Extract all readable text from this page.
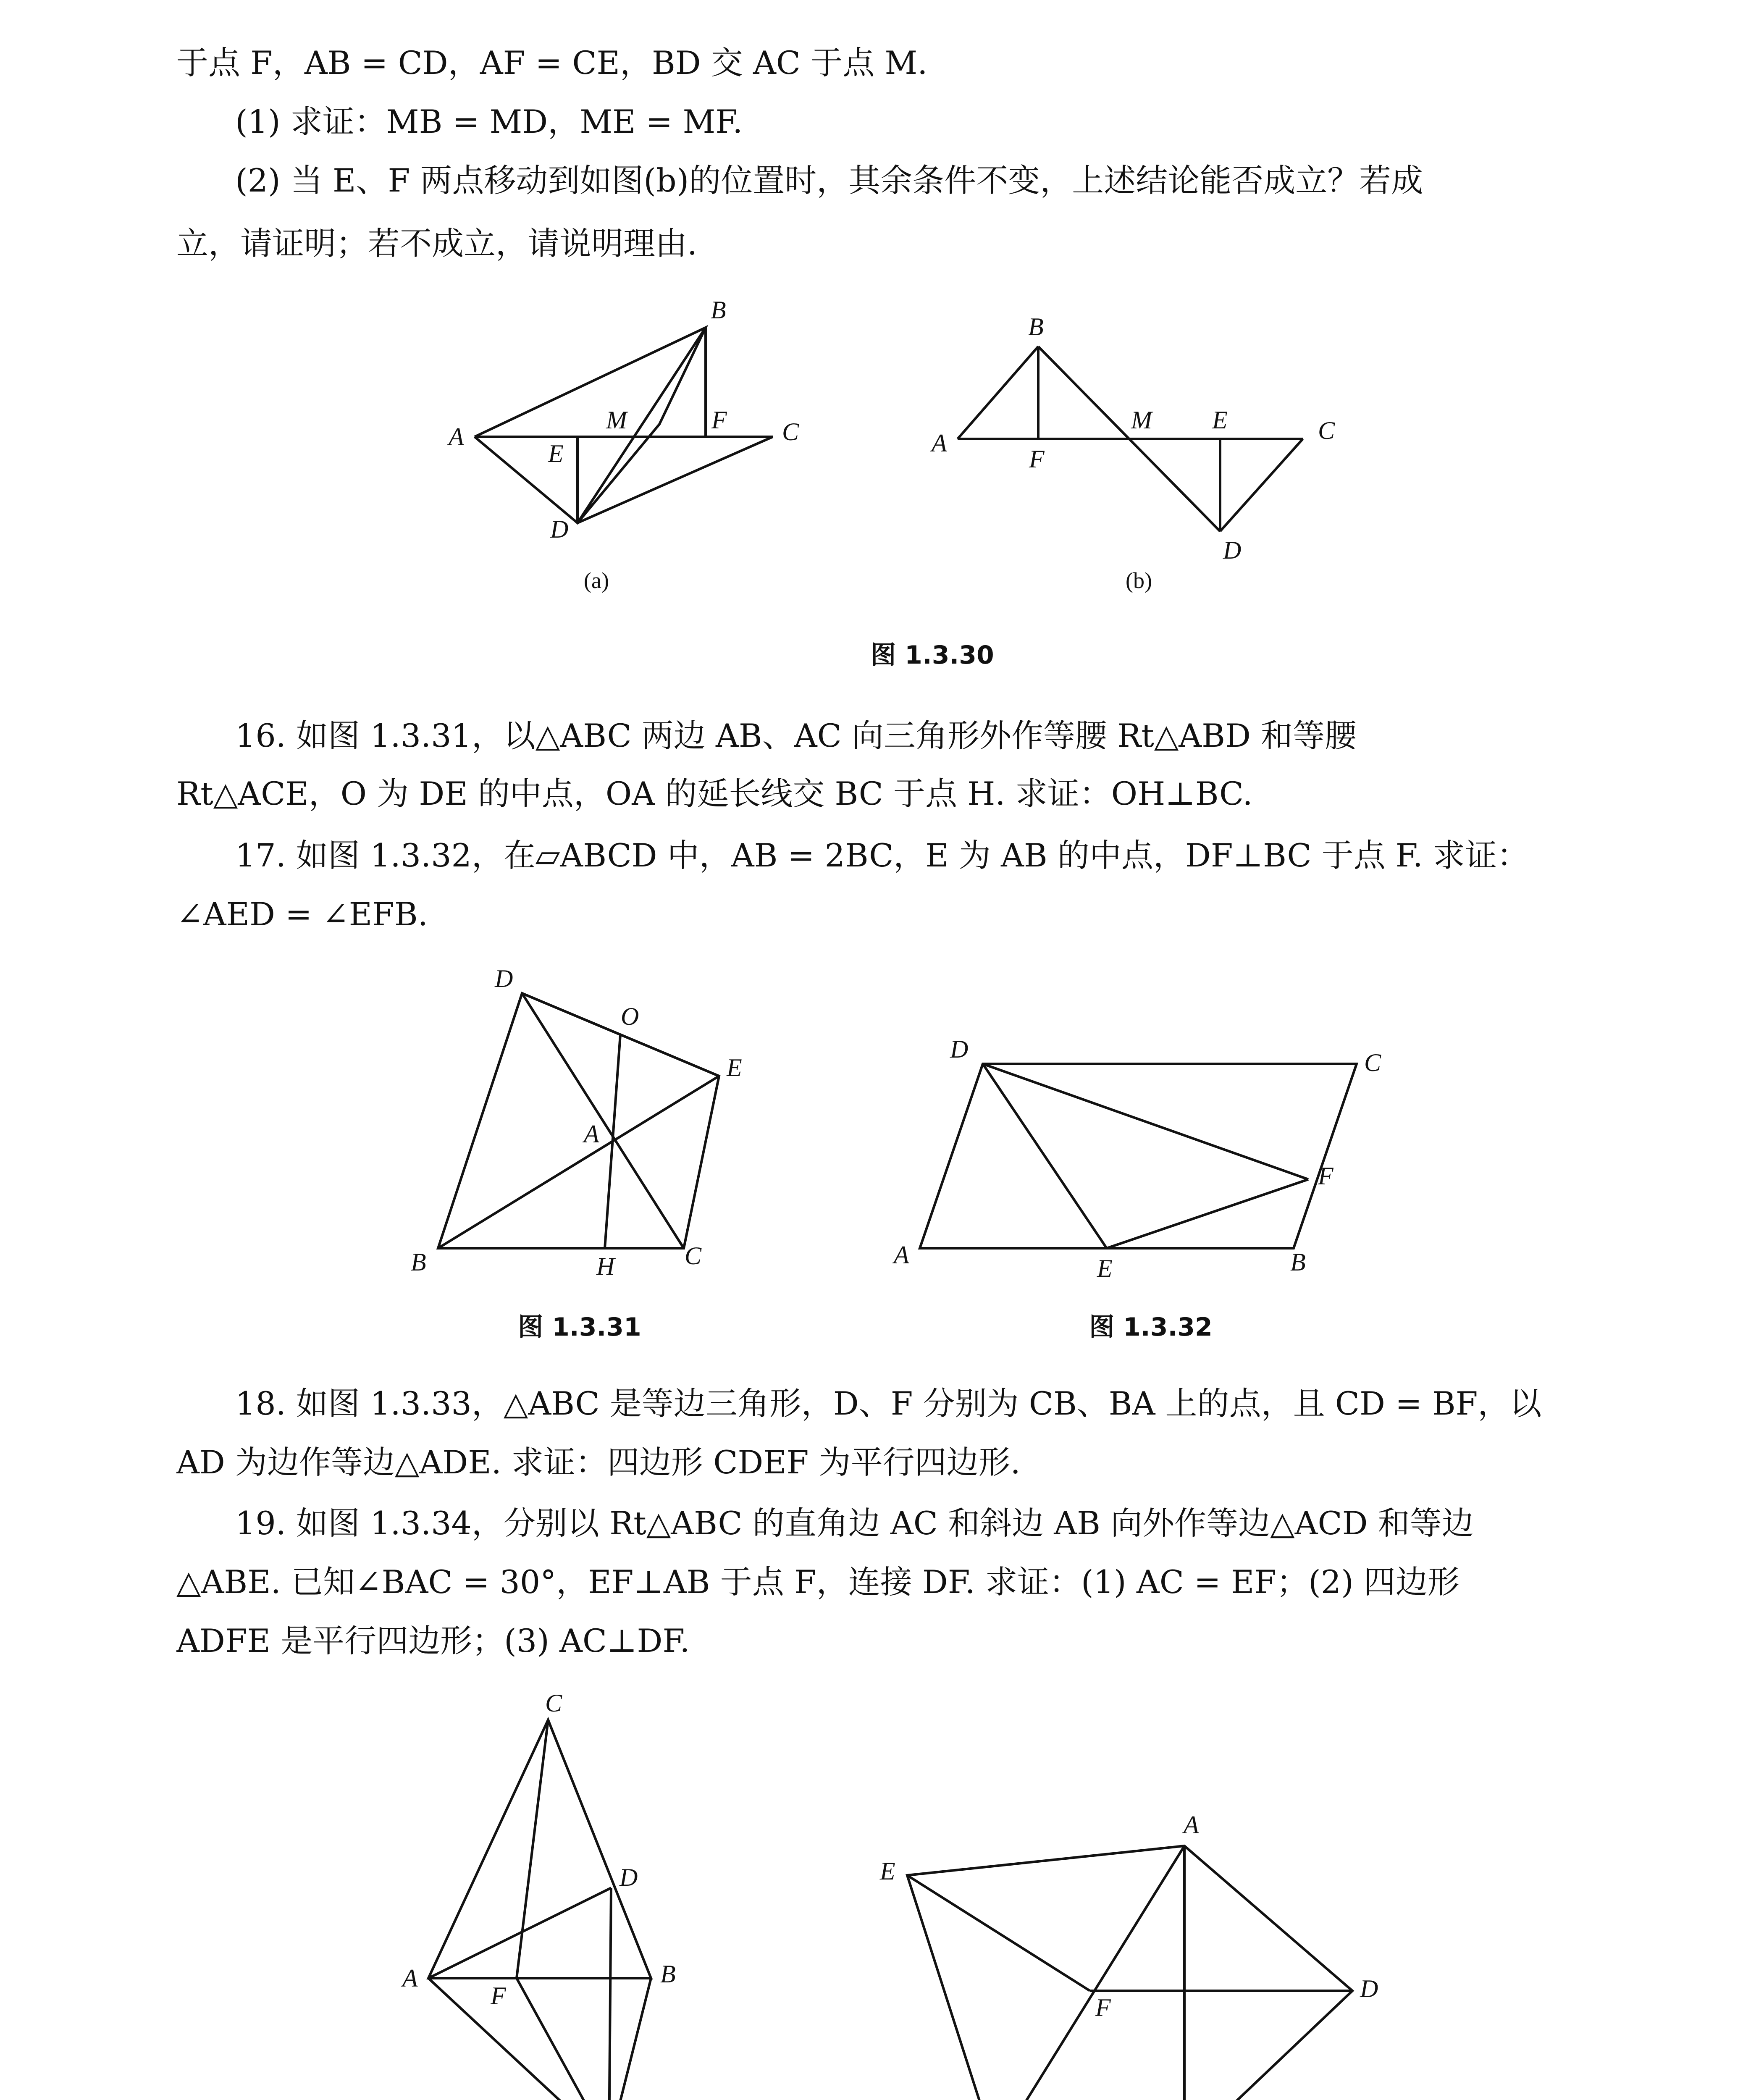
于点 F，AB = CD，AF = CE，BD 交 AC 于点 M.

(1) 求证：MB = MD，ME = MF.

(2) 当 E、F 两点移动到如图(b)的位置时，其余条件不变，上述结论能否成立？若成

立，请证明；若不成立，请说明理由.

A
B
C
D
E
F
M
(a)
B
A
F
M E	C
D
(b)

图 1.3.30

16. 如图 1.3.31，以△ABC 两边 AB、AC 向三角形外作等腰 Rt△ABD 和等腰

Rt△ACE，O 为 DE 的中点，OA 的延长线交 BC 于点 H. 求证：OH⊥BC.

17. 如图 1.3.32，在▱ABCD 中，AB = 2BC，E 为 AB 的中点，DF⊥BC 于点 F. 求证：

∠AED = ∠EFB.

D
O
E
A
B	H	C
D	C
F
A	E	B

图 1.3.31	图 1.3.32

18. 如图 1.3.33，△ABC 是等边三角形，D、F 分别为 CB、BA 上的点，且 CD = BF，以

AD 为边作等边△ADE. 求证：四边形 CDEF 为平行四边形.

19. 如图 1.3.34，分别以 Rt△ABC 的直角边 AC 和斜边 AB 向外作等边△ACD 和等边

△ABE. 已知∠BAC = 30°，EF⊥AB 于点 F，连接 DF. 求证：(1) AC = EF；(2) 四边形

ADFE 是平行四边形；(3) AC⊥DF.

C
D
A
F
B
A
E
D
F
